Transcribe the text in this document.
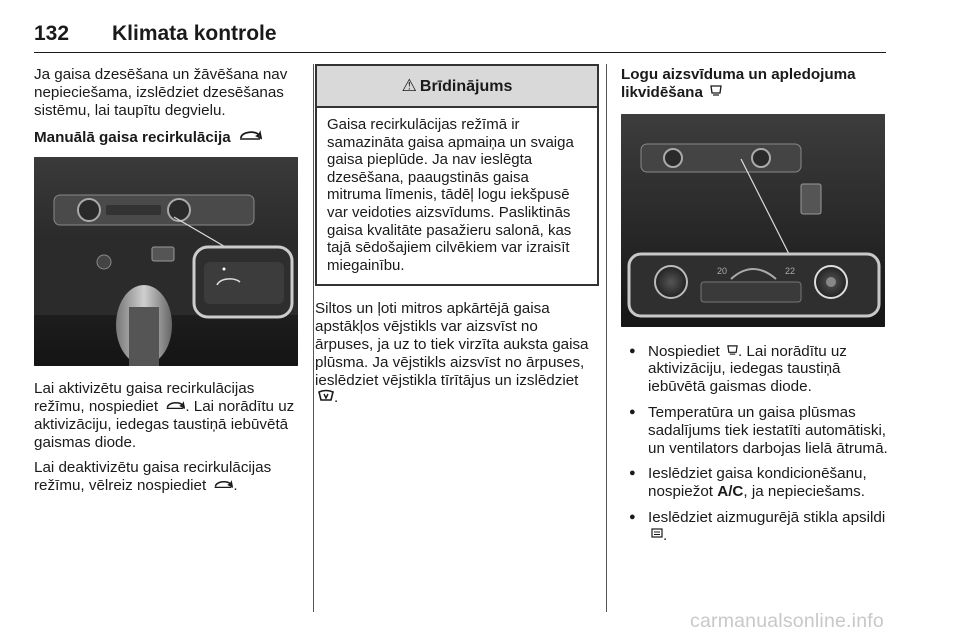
132 Klimata kontrole

Ja gaisa dzesēšana un žāvēšana nav nepieciešama, izslēdziet dzesēšanas sistēmu, lai taupītu degvielu.

Manuālā gaisa recirkulācija

Lai aktivizētu gaisa recirkulācijas režīmu, nospiediet . Lai norādītu uz aktivizāciju, iedegas taustiņā iebūvētā gaismas diode.

Lai deaktivizētu gaisa recirkulācijas režīmu, vēlreiz nospiediet .

⚠ Brīdinājums
Gaisa recirkulācijas režīmā ir samazināta gaisa apmaiņa un svaiga gaisa pieplūde. Ja nav ieslēgta dzesēšana, paaugstinās gaisa mitruma līmenis, tādēļ logu iekšpusē var veidoties aizsvīdums. Pasliktinās gaisa kvalitāte pasažieru salonā, kas tajā sēdošajiem cilvēkiem var izraisīt miegainību.

Siltos un ļoti mitros apkārtējā gaisa apstākļos vējstikls var aizsvīst no ārpuses, ja uz to tiek virzīta auksta gaisa plūsma. Ja vējstikls aizsvīst no ārpuses, ieslēdziet vējstikla tīrītājus un izslēdziet .

Logu aizsvīduma un apledojuma likvidēšana

20	22
● Nospiediet . Lai norādītu uz aktivizāciju, iedegas taustiņā iebūvētā gaismas diode.
● Temperatūra un gaisa plūsmas sadalījums tiek iestatīti automātiski, un ventilators darbojas lielā ātrumā.
● Ieslēdziet gaisa kondicionēšanu, nospiežot A/C, ja nepieciešams.
● Ieslēdziet aizmugurējā stikla apsildi .
carmanualsonline.info
